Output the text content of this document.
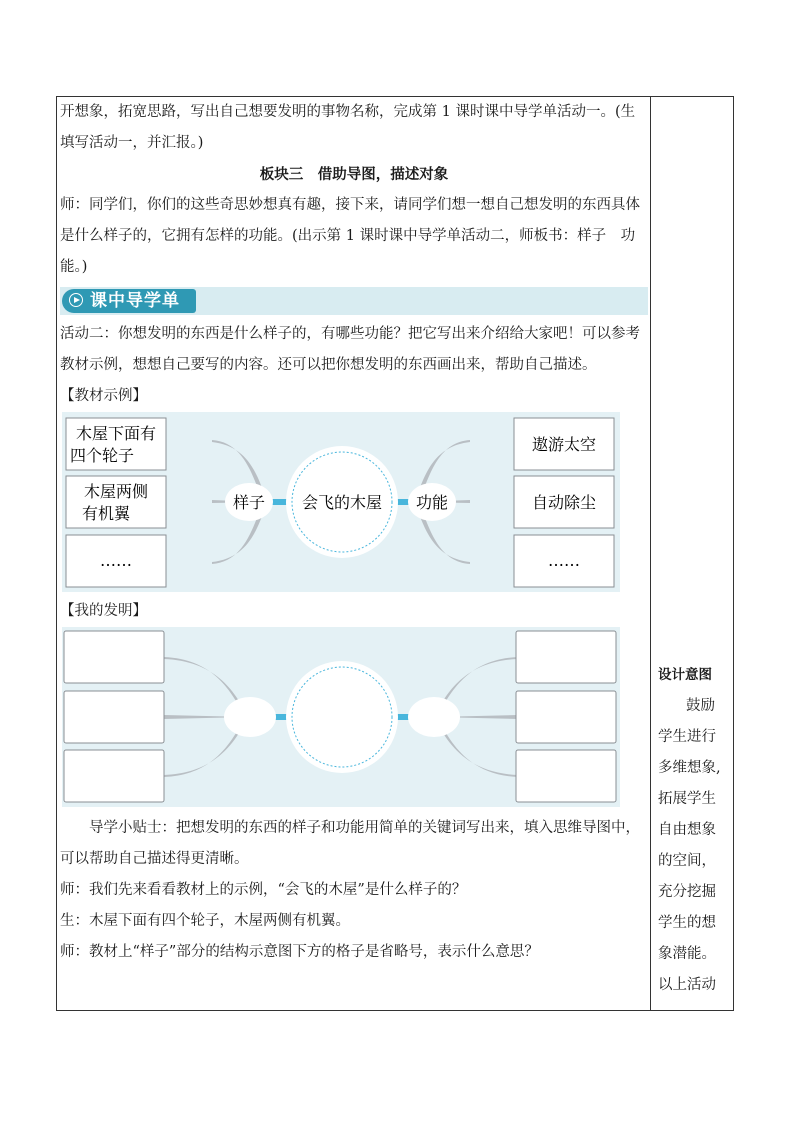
开想象，拓宽思路，写出自己想要发明的事物名称，完成第 1 课时课中导学单活动一。(生填写活动一，并汇报。)

板块三　借助导图，描述对象

师：同学们，你们的这些奇思妙想真有趣，接下来，请同学们想一想自己想发明的东西具体是什么样子的，它拥有怎样的功能。(出示第 1 课时课中导学单活动二，师板书：样子　功能。)

课中导学单

活动二：你想发明的东西是什么样子的，有哪些功能？把它写出来介绍给大家吧！可以参考教材示例，想想自己要写的内容。还可以把你想发明的东西画出来，帮助自己描述。

【教材示例】

会飞的木屋
样子	功能
木屋下面有
四个轮子
木屋两侧
有机翼
……
遨游太空
自动除尘
……

【我的发明】

导学小贴士：把想发明的东西的样子和功能用简单的关键词写出来，填入思维导图中，可以帮助自己描述得更清晰。

师：我们先来看看教材上的示例，“会飞的木屋”是什么样子的？

生：木屋下面有四个轮子，木屋两侧有机翼。

师：教材上“样子”部分的结构示意图下方的格子是省略号，表示什么意思？

设计意图
鼓励
学生进行
多维想象,
拓展学生
自由想象
的空间，
充分挖掘
学生的想
象潜能。
以上活动
